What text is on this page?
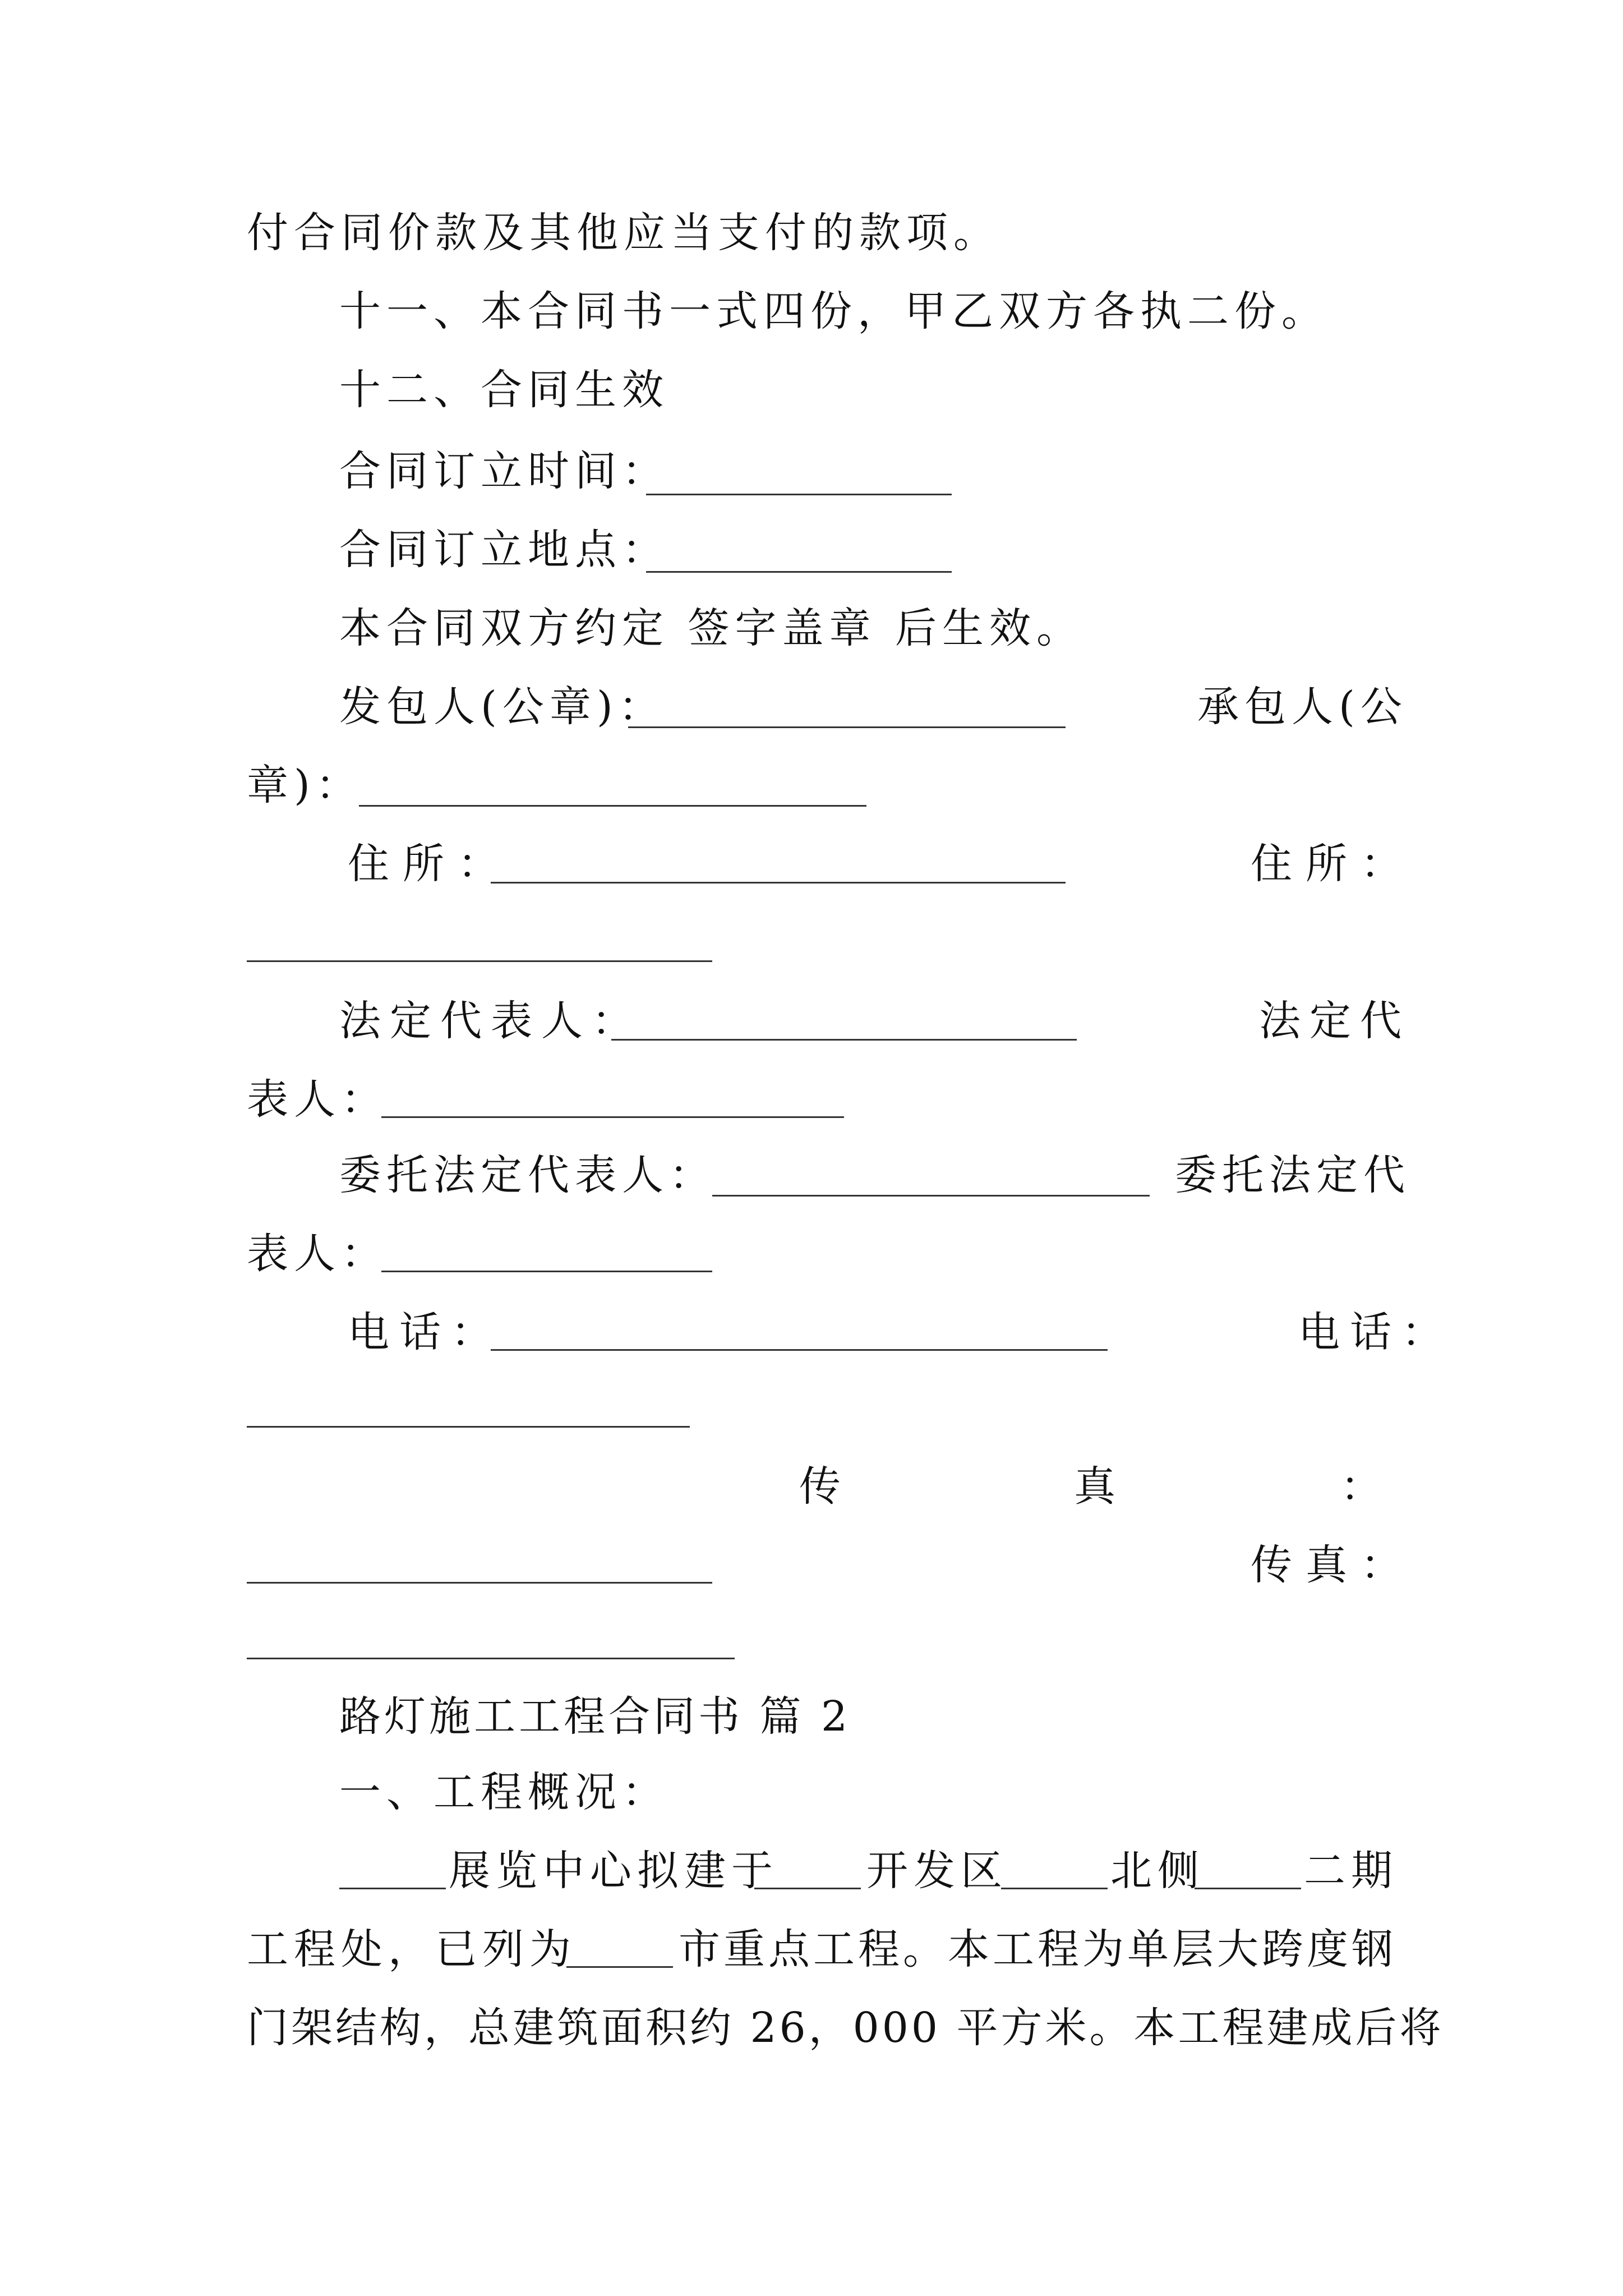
付合同价款及其他应当支付的款项。
十一、本合同书一式四份，甲乙双方各执二份。
十二、合同生效
合同订立时间：
合同订立地点：
本合同双方约定 签字盖章 后生效。
发包人(公章)：	承包人(公
章)：
住所：	住所：
法定代表人：	法定代
表人：
委托法定代表人：	委托法定代
表人：
电话：	电话：
传	真	：
传真：
路灯施工工程合同书 篇 2
一、工程概况：
展览中心拟建于 开发区 北侧 二期
工程处，已列为 市重点工程。本工程为单层大跨度钢
门架结构，总建筑面积约 26，000 平方米。本工程建成后将
